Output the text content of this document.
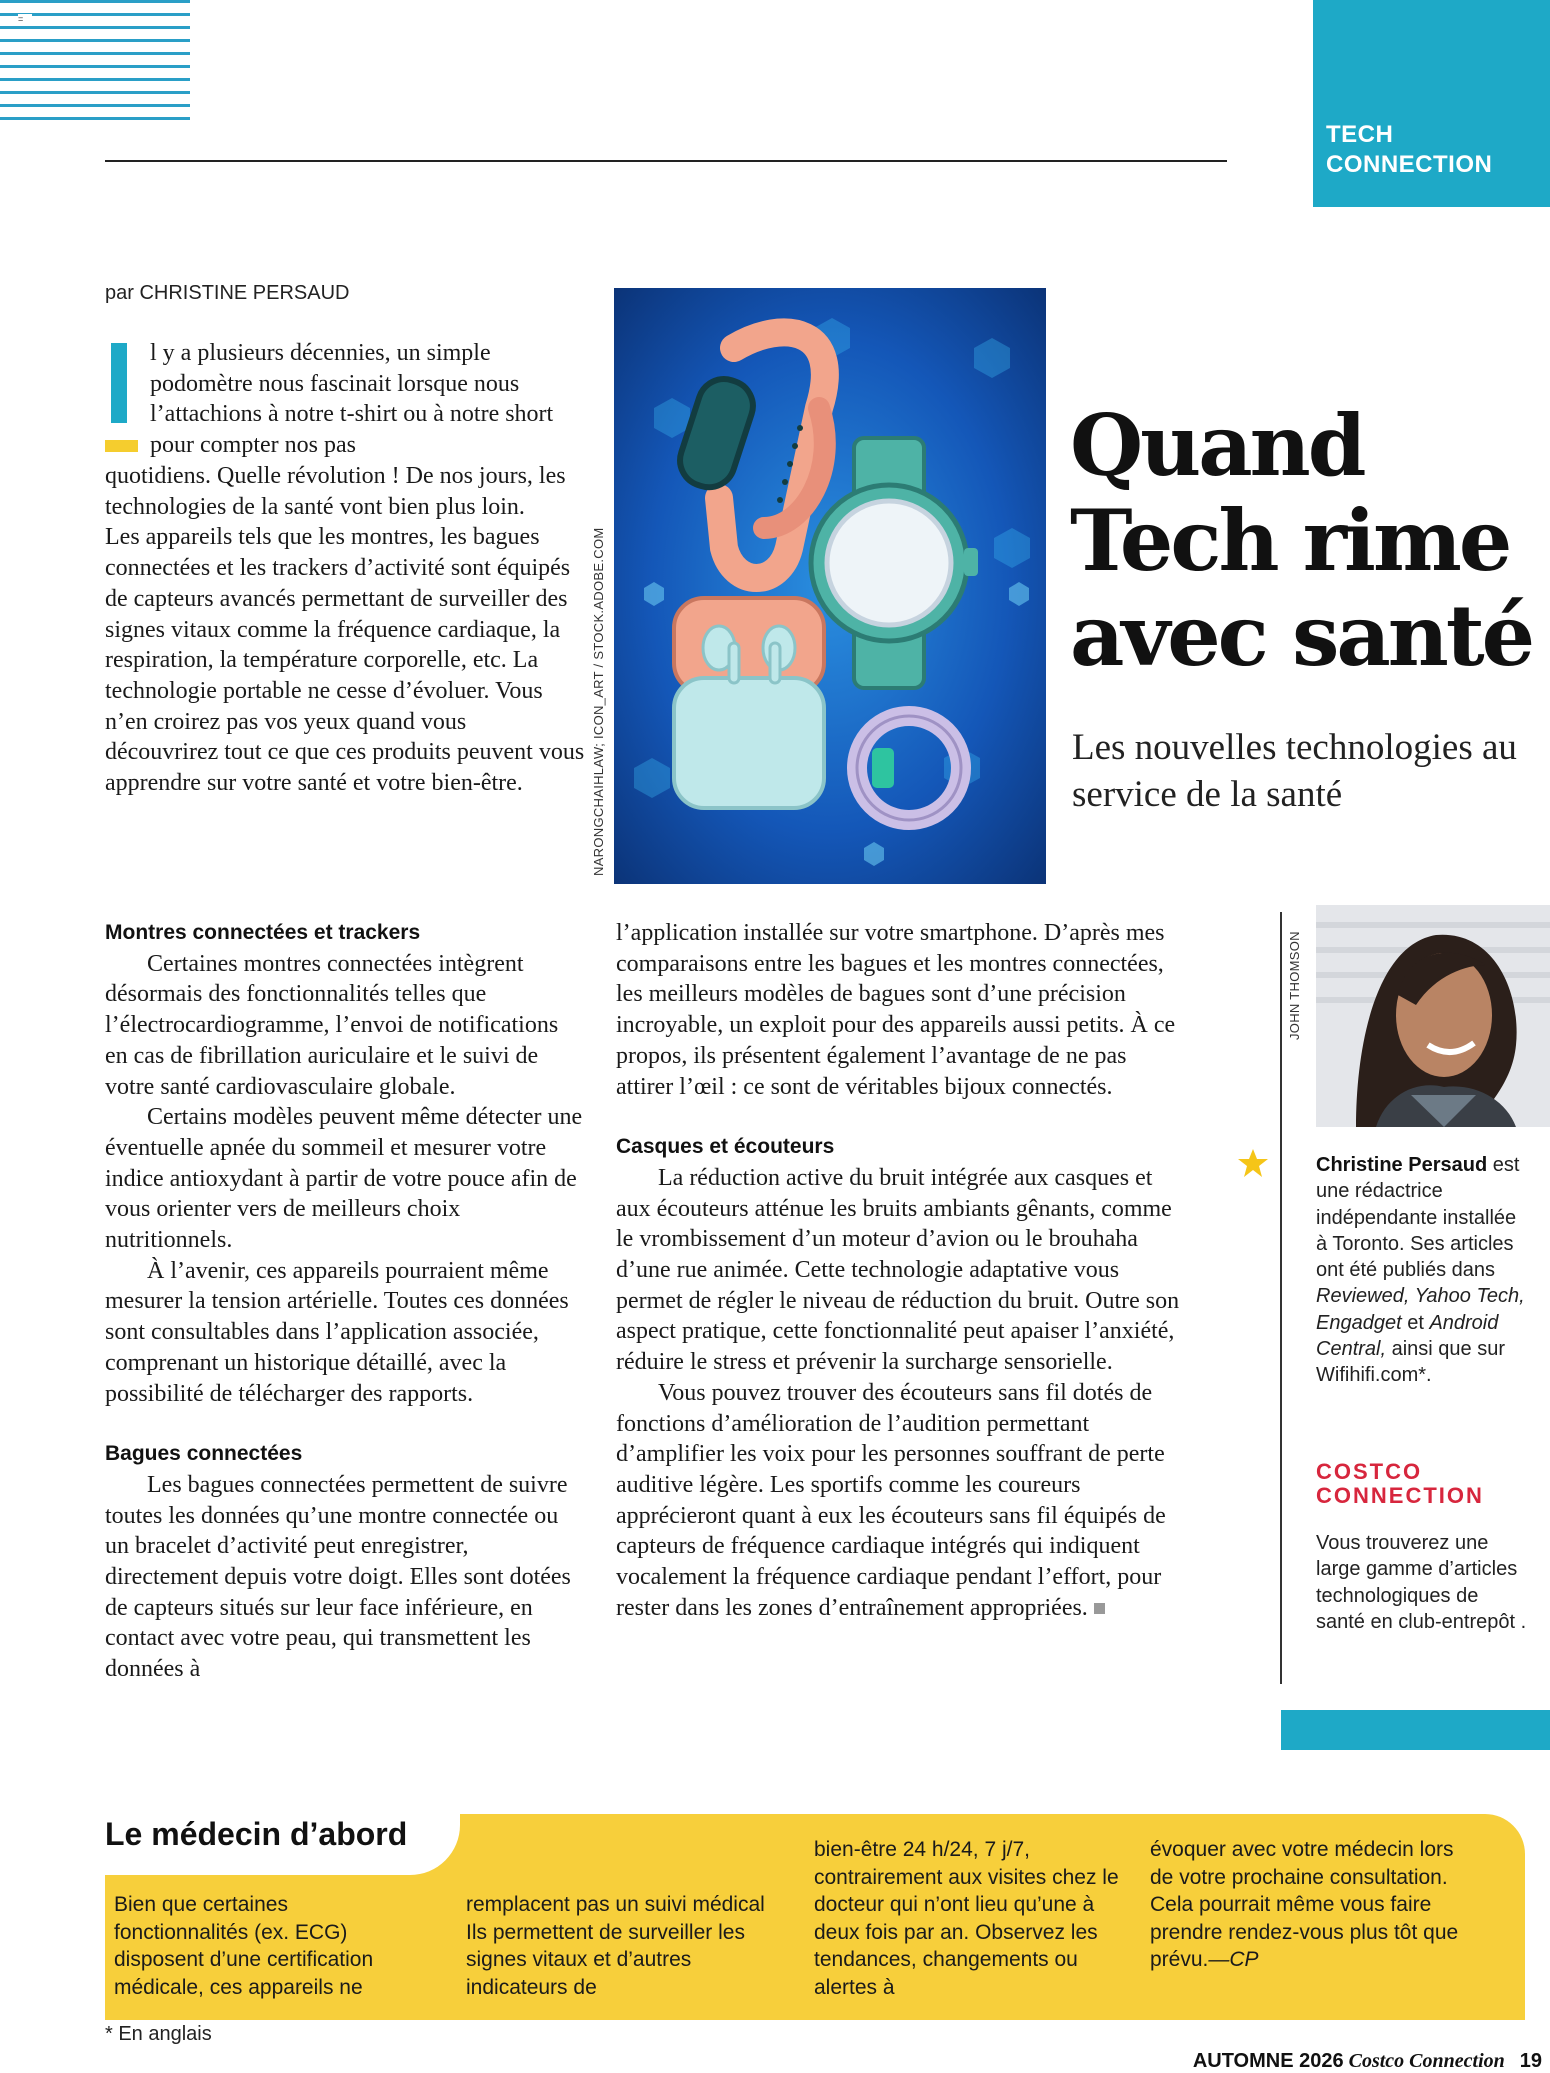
=
TECH CONNECTION
par CHRISTINE PERSAUD
l y a plusieurs décennies, un simple podomètre nous fascinait lorsque nous l’attachions à notre t-shirt ou à notre short pour compter nos pas

quotidiens. Quelle révolution ! De nos jours, les technologies de la santé vont bien plus loin.

Les appareils tels que les montres, les bagues connectées et les trackers d’activité sont équipés de capteurs avancés permettant de surveiller des signes vitaux comme la fréquence cardiaque, la respiration, la température corporelle, etc. La technologie portable ne cesse d’évoluer. Vous n’en croirez pas vos yeux quand vous découvrirez tout ce que ces produits peuvent vous apprendre sur votre santé et votre bien-être.	NARONGCHAIHLAW; ICON_ART / STOCK.ADOBE.COM
Quand Tech rime avec santé
Les nouvelles technologies au service de la santé

Montres connectées et trackers

Certaines montres connectées intègrent désormais des fonctionnalités telles que l’électrocardiogramme, l’envoi de notifications en cas de fibrillation auriculaire et le suivi de votre santé cardiovasculaire globale.

Certains modèles peuvent même détecter une éventuelle apnée du sommeil et mesurer votre indice antioxydant à partir de votre pouce afin de vous orienter vers de meilleurs choix nutritionnels.

À l’avenir, ces appareils pourraient même mesurer la tension artérielle. Toutes ces données sont consultables dans l’application associée, comprenant un historique détaillé, avec la possibilité de télécharger des rapports.

Bagues connectées

Les bagues connectées permettent de suivre toutes les données qu’une montre connectée ou un bracelet d’activité peut enregistrer, directement depuis votre doigt. Elles sont dotées de capteurs situés sur leur face inférieure, en contact avec votre peau, qui transmettent les données à

l’application installée sur votre smartphone. D’après mes comparaisons entre les bagues et les montres connectées, les meilleurs modèles de bagues sont d’une précision incroyable, un exploit pour des appareils aussi petits. À ce propos, ils présentent également l’avantage de ne pas attirer l’œil : ce sont de véritables bijoux connectés.

Casques et écouteurs

La réduction active du bruit intégrée aux casques et aux écouteurs atténue les bruits ambiants gênants, comme le vrombissement d’un moteur d’avion ou le brouhaha d’une rue animée. Cette technologie adaptative vous permet de régler le niveau de réduction du bruit. Outre son aspect pratique, cette fonctionnalité peut apaiser l’anxiété, réduire le stress et prévenir la surcharge sensorielle.

Vous pouvez trouver des écouteurs sans fil dotés de fonctions d’amélioration de l’audition permettant d’amplifier les voix pour les personnes souffrant de perte auditive légère. Les sportifs comme les coureurs apprécieront quant à eux les écouteurs sans fil équipés de capteurs de fréquence cardiaque intégrés qui indiquent vocalement la fréquence cardiaque pendant l’effort, pour rester dans les zones d’entraînement appropriées.

JOHN THOMSON
Christine Persaud est une rédactrice indépendante installée à Toronto. Ses articles ont été publiés dans Reviewed, Yahoo Tech, Engadget et Android Central, ainsi que sur Wifihifi.com*.
COSTCO CONNECTION
Vous trouverez une large gamme d’articles technologiques de santé en club-entrepôt .
Le médecin d’abord
Bien que certaines fonctionnalités (ex. ECG) disposent d’une certification médicale, ces appareils ne
remplacent pas un suivi médical Ils permettent de surveiller les signes vitaux et d’autres indicateurs de
bien-être 24 h/24, 7 j/7, contrairement aux visites chez le docteur qui n’ont lieu qu’une à deux fois par an. Observez les tendances, changements ou alertes à
évoquer avec votre médecin lors de votre prochaine consultation. Cela pourrait même vous faire prendre rendez-vous plus tôt que prévu.—CP
* En anglais
AUTOMNE 2026 Costco Connection 19
